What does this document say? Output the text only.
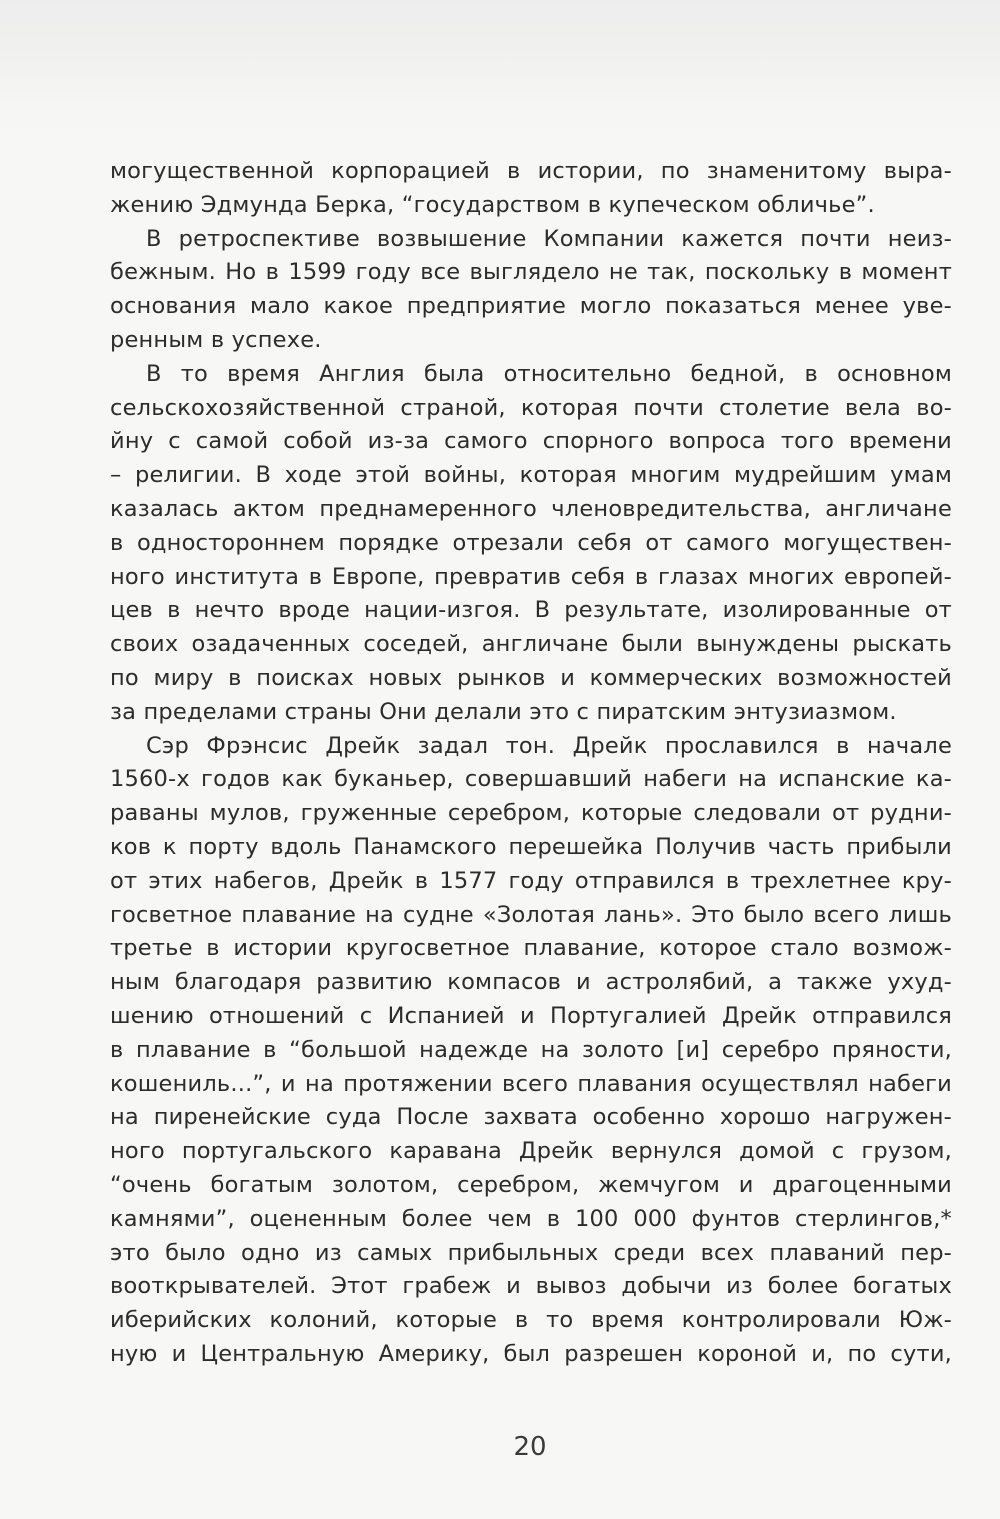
могущественной корпорацией в истории, по знаменитому выра-
жению Эдмунда Берка, “государством в купеческом обличье”.

В ретроспективе возвышение Компании кажется почти неиз-
бежным. Но в 1599 году все выглядело не так, поскольку в момент
основания мало какое предприятие могло показаться менее уве-
ренным в успехе.

В то время Англия была относительно бедной, в основном
сельскохозяйственной страной, которая почти столетие вела во-
йну с самой собой из-за самого спорного вопроса того времени
– религии. В ходе этой войны, которая многим мудрейшим умам
казалась актом преднамеренного членовредительства, англичане
в одностороннем порядке отрезали себя от самого могуществен-
ного института в Европе, превратив себя в глазах многих европей-
цев в нечто вроде нации-изгоя. В результате, изолированные от
своих озадаченных соседей, англичане были вынуждены рыскать
по миру в поисках новых рынков и коммерческих возможностей
за пределами страны Они делали это с пиратским энтузиазмом.

Сэр Фрэнсис Дрейк задал тон. Дрейк прославился в начале
1560-х годов как буканьер, совершавший набеги на испанские ка-
раваны мулов, груженные серебром, которые следовали от рудни-
ков к порту вдоль Панамского перешейка Получив часть прибыли
от этих набегов, Дрейк в 1577 году отправился в трехлетнее кру-
госветное плавание на судне «Золотая лань». Это было всего лишь
третье в истории кругосветное плавание, которое стало возмож-
ным благодаря развитию компасов и астролябий, а также ухуд-
шению отношений с Испанией и Португалией Дрейк отправился
в плавание в “большой надежде на золото [и] серебро пряности,
кошениль...”, и на протяжении всего плавания осуществлял набеги
на пиренейские суда После захвата особенно хорошо нагружен-
ного португальского каравана Дрейк вернулся домой с грузом,
“очень богатым золотом, серебром, жемчугом и драгоценными
камнями”, оцененным более чем в 100 000 фунтов стерлингов,*
это было одно из самых прибыльных среди всех плаваний пер-
вооткрывателей. Этот грабеж и вывоз добычи из более богатых
иберийских колоний, которые в то время контролировали Юж-
ную и Центральную Америку, был разрешен короной и, по сути,

20
